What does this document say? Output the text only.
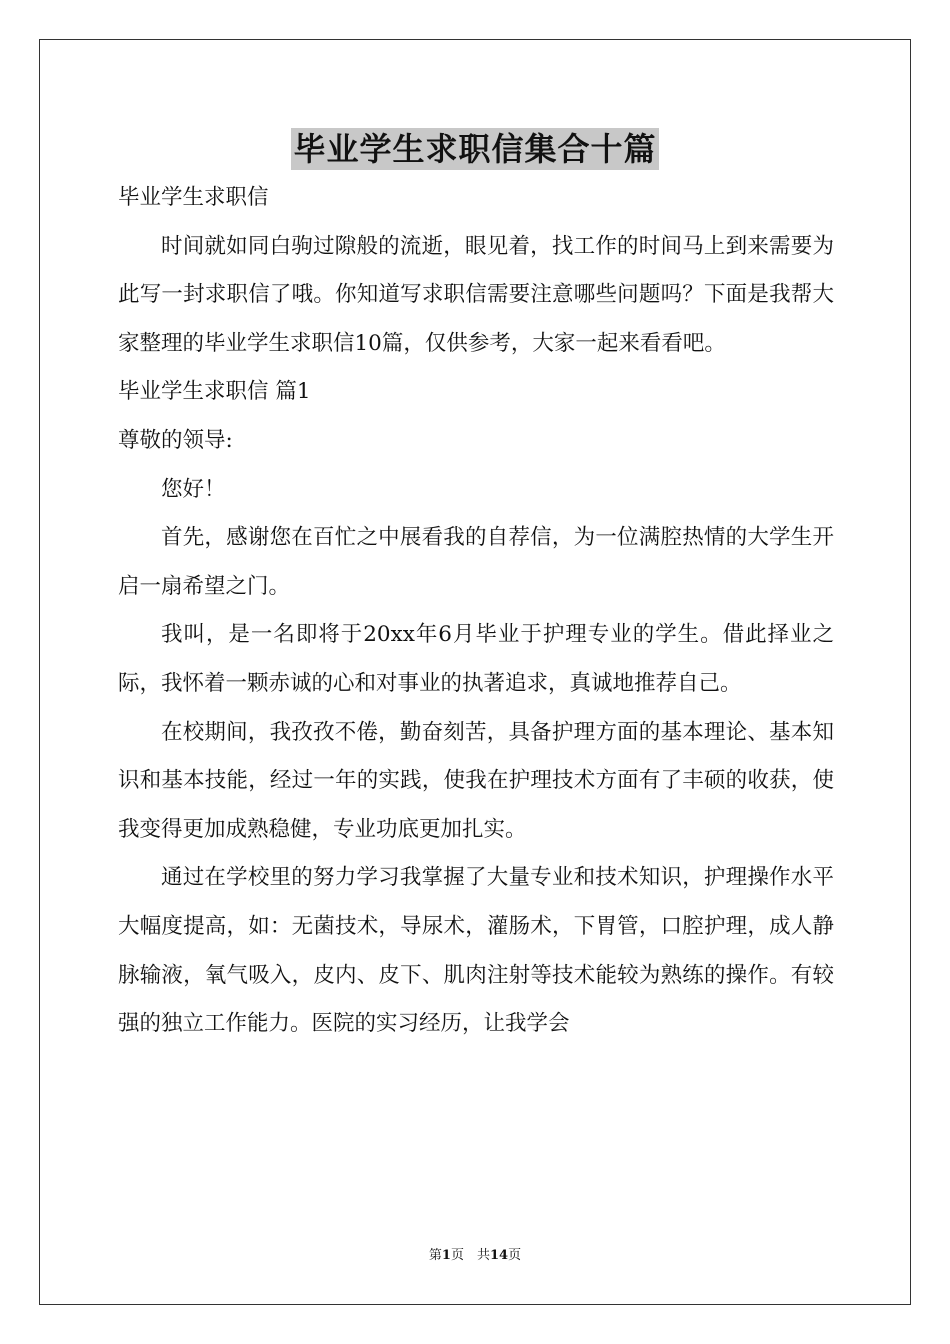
毕业学生求职信集合十篇

毕业学生求职信

时间就如同白驹过隙般的流逝，眼见着，找工作的时间马上到来需要为此写一封求职信了哦。你知道写求职信需要注意哪些问题吗？下面是我帮大家整理的毕业学生求职信10篇，仅供参考，大家一起来看看吧。

毕业学生求职信 篇1

尊敬的领导:

您好！

首先，感谢您在百忙之中展看我的自荐信，为一位满腔热情的大学生开启一扇希望之门。

我叫，是一名即将于20xx年6月毕业于护理专业的学生。借此择业之际，我怀着一颗赤诚的心和对事业的执著追求，真诚地推荐自己。

在校期间，我孜孜不倦，勤奋刻苦，具备护理方面的基本理论、基本知识和基本技能，经过一年的实践，使我在护理技术方面有了丰硕的收获，使我变得更加成熟稳健，专业功底更加扎实。

通过在学校里的努力学习我掌握了大量专业和技术知识，护理操作水平大幅度提高，如：无菌技术，导尿术，灌肠术，下胃管，口腔护理，成人静脉输液，氧气吸入，皮内、皮下、肌肉注射等技术能较为熟练的操作。有较强的独立工作能力。医院的实习经历，让我学会

第1页　共14页
